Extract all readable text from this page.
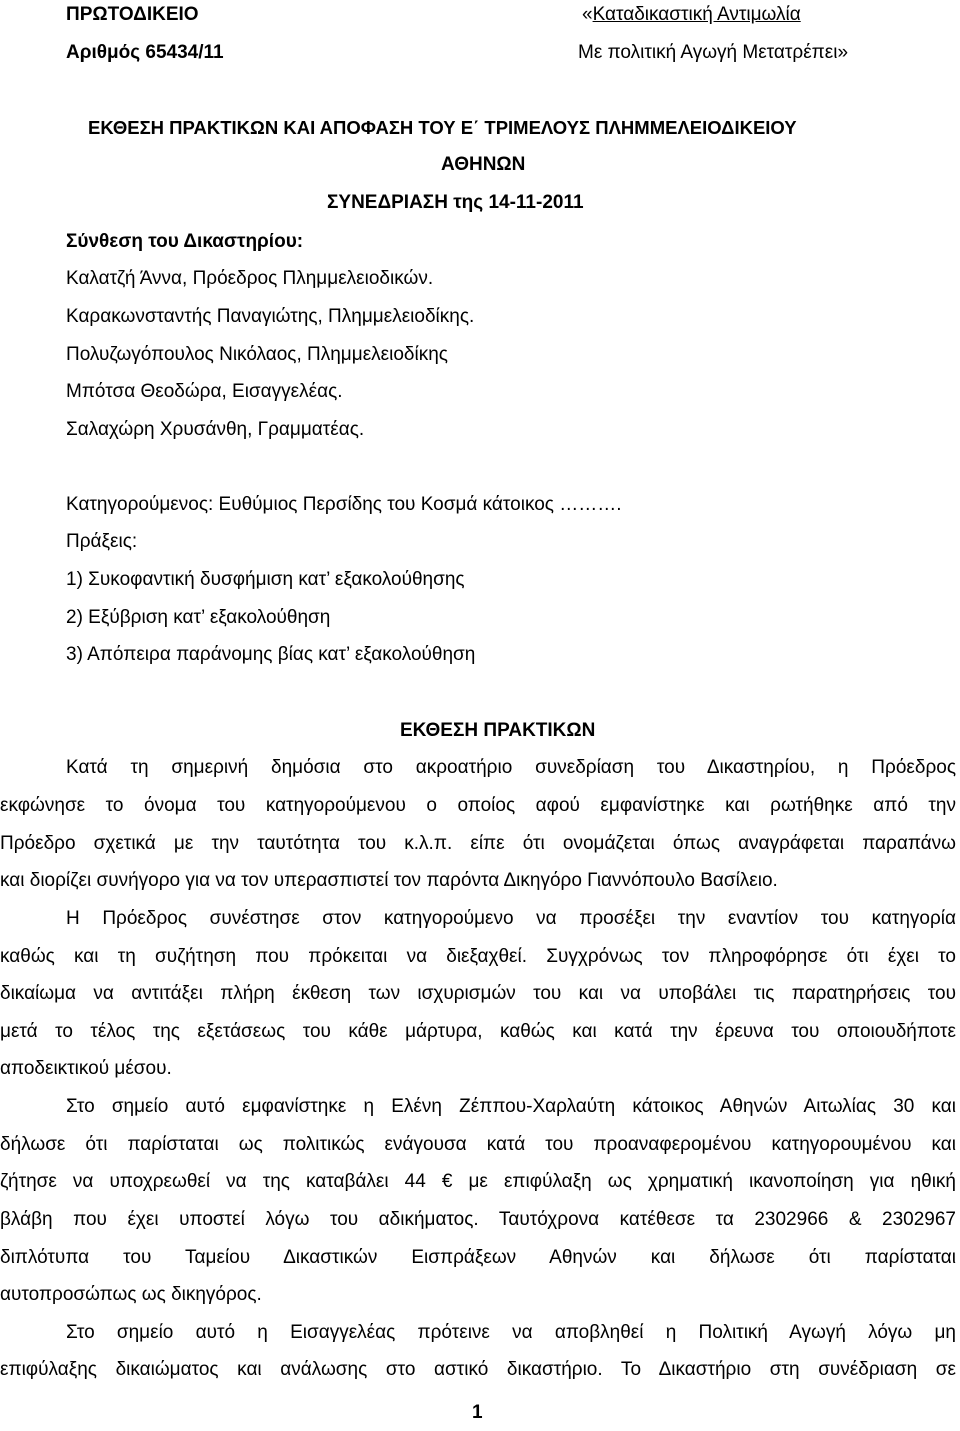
ΠΡΩΤΟΔΙΚΕΙΟ
Αριθμός 65434/11
«Καταδικαστική Αντιμωλία
Με πολιτική Αγωγή Μετατρέπει»
ΕΚΘΕΣΗ ΠΡΑΚΤΙΚΩΝ ΚΑΙ ΑΠΟΦΑΣΗ ΤΟΥ Ε΄ ΤΡΙΜΕΛΟΥΣ ΠΛΗΜΜΕΛΕΙΟΔΙΚΕΙΟΥ
ΑΘΗΝΩΝ
ΣΥΝΕΔΡΙΑΣΗ της 14-11-2011
Σύνθεση του Δικαστηρίου:
Καλατζή Άννα, Πρόεδρος Πλημμελειοδικών.
Καρακωνσταντής Παναγιώτης, Πλημμελειοδίκης.
Πολυζωγόπουλος Νικόλαος, Πλημμελειοδίκης
Μπότσα Θεοδώρα, Εισαγγελέας.
Σαλαχώρη Χρυσάνθη, Γραμματέας.
Κατηγορούμενος: Ευθύμιος Περσίδης του Κοσμά κάτοικος ……….
Πράξεις:
1) Συκοφαντική δυσφήμιση κατ’ εξακολούθησης
2) Εξύβριση κατ’ εξακολούθηση
3) Απόπειρα παράνομης βίας κατ’ εξακολούθηση
ΕΚΘΕΣΗ ΠΡΑΚΤΙΚΩΝ
Κατά τη σημερινή δημόσια στο ακροατήριο συνεδρίαση του Δικαστηρίου, η Πρόεδρος
εκφώνησε το όνομα του κατηγορούμενου ο οποίος αφού εμφανίστηκε και ρωτήθηκε από την
Πρόεδρο σχετικά με την ταυτότητα του κ.λ.π. είπε ότι ονομάζεται όπως αναγράφεται παραπάνω
και διορίζει συνήγορο για να τον υπερασπιστεί τον παρόντα Δικηγόρο Γιαννόπουλο Βασίλειο.
Η Πρόεδρος συνέστησε στον κατηγορούμενο να προσέξει την εναντίον του κατηγορία
καθώς και τη συζήτηση που πρόκειται να διεξαχθεί. Συγχρόνως τον πληροφόρησε ότι έχει το
δικαίωμα να αντιτάξει πλήρη έκθεση των ισχυρισμών του και να υποβάλει τις παρατηρήσεις του
μετά το τέλος της εξετάσεως του κάθε μάρτυρα, καθώς και κατά την έρευνα του οποιουδήποτε
αποδεικτικού μέσου.
Στο σημείο αυτό εμφανίστηκε η Ελένη Ζέππου-Χαρλαύτη κάτοικος Αθηνών Αιτωλίας 30 και
δήλωσε ότι παρίσταται ως πολιτικώς ενάγουσα κατά του προαναφερομένου κατηγορουμένου και
ζήτησε να υποχρεωθεί να της καταβάλει 44 € με επιφύλαξη ως χρηματική ικανοποίηση για ηθική
βλάβη που έχει υποστεί λόγω του αδικήματος. Ταυτόχρονα κατέθεσε τα 2302966 & 2302967
διπλότυπα του Ταμείου Δικαστικών Εισπράξεων Αθηνών και δήλωσε ότι παρίσταται
αυτοπροσώπως ως δικηγόρος.
Στο σημείο αυτό η Εισαγγελέας πρότεινε να αποβληθεί η Πολιτική Αγωγή λόγω μη
επιφύλαξης δικαιώματος και ανάλωσης στο αστικό δικαστήριο. Το Δικαστήριο στη συνέδριαση σε
1
